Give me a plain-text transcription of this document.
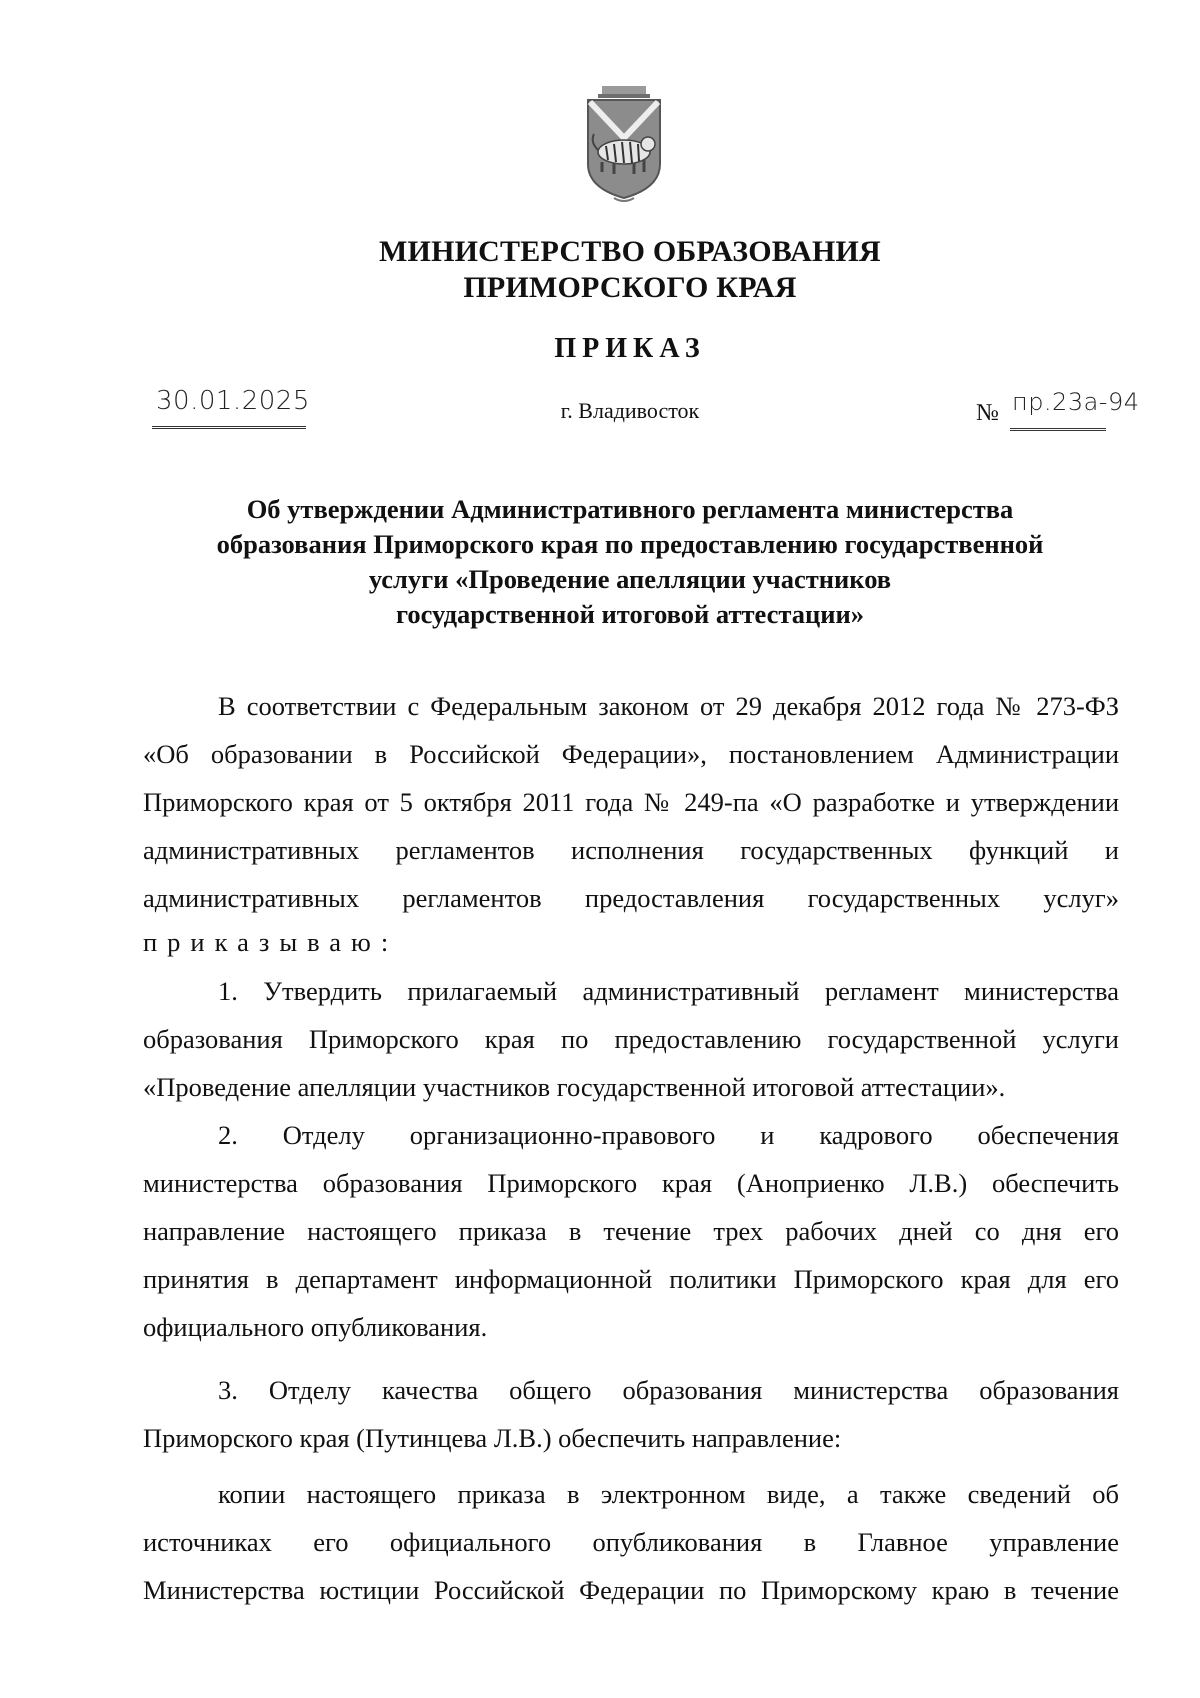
МИНИСТЕРСТВО ОБРАЗОВАНИЯ
ПРИМОРСКОГО КРАЯ
ПРИКАЗ
30.01.2025	г. Владивосток	№ пр.23а-94
Об утверждении Административного регламента министерства
образования Приморского края по предоставлению государственной
услуги «Проведение апелляции участников
государственной итоговой аттестации»
В соответствии с Федеральным законом от 29 декабря 2012 года № 273-ФЗ
«Об образовании в Российской Федерации», постановлением Администрации
Приморского края от 5 октября 2011 года № 249-па «О разработке и утверждении
административных регламентов исполнения государственных функций и
административных регламентов предоставления государственных услуг»
приказываю:
1. Утвердить прилагаемый административный регламент министерства
образования Приморского края по предоставлению государственной услуги
«Проведение апелляции участников государственной итоговой аттестации».
2. Отделу организационно-правового и кадрового обеспечения
министерства образования Приморского края (Аноприенко Л.В.) обеспечить
направление настоящего приказа в течение трех рабочих дней со дня его
принятия в департамент информационной политики Приморского края для его
официального опубликования.
3. Отделу качества общего образования министерства образования
Приморского края (Путинцева Л.В.) обеспечить направление:
копии настоящего приказа в электронном виде, а также сведений об
источниках его официального опубликования в Главное управление
Министерства юстиции Российской Федерации по Приморскому краю в течение
